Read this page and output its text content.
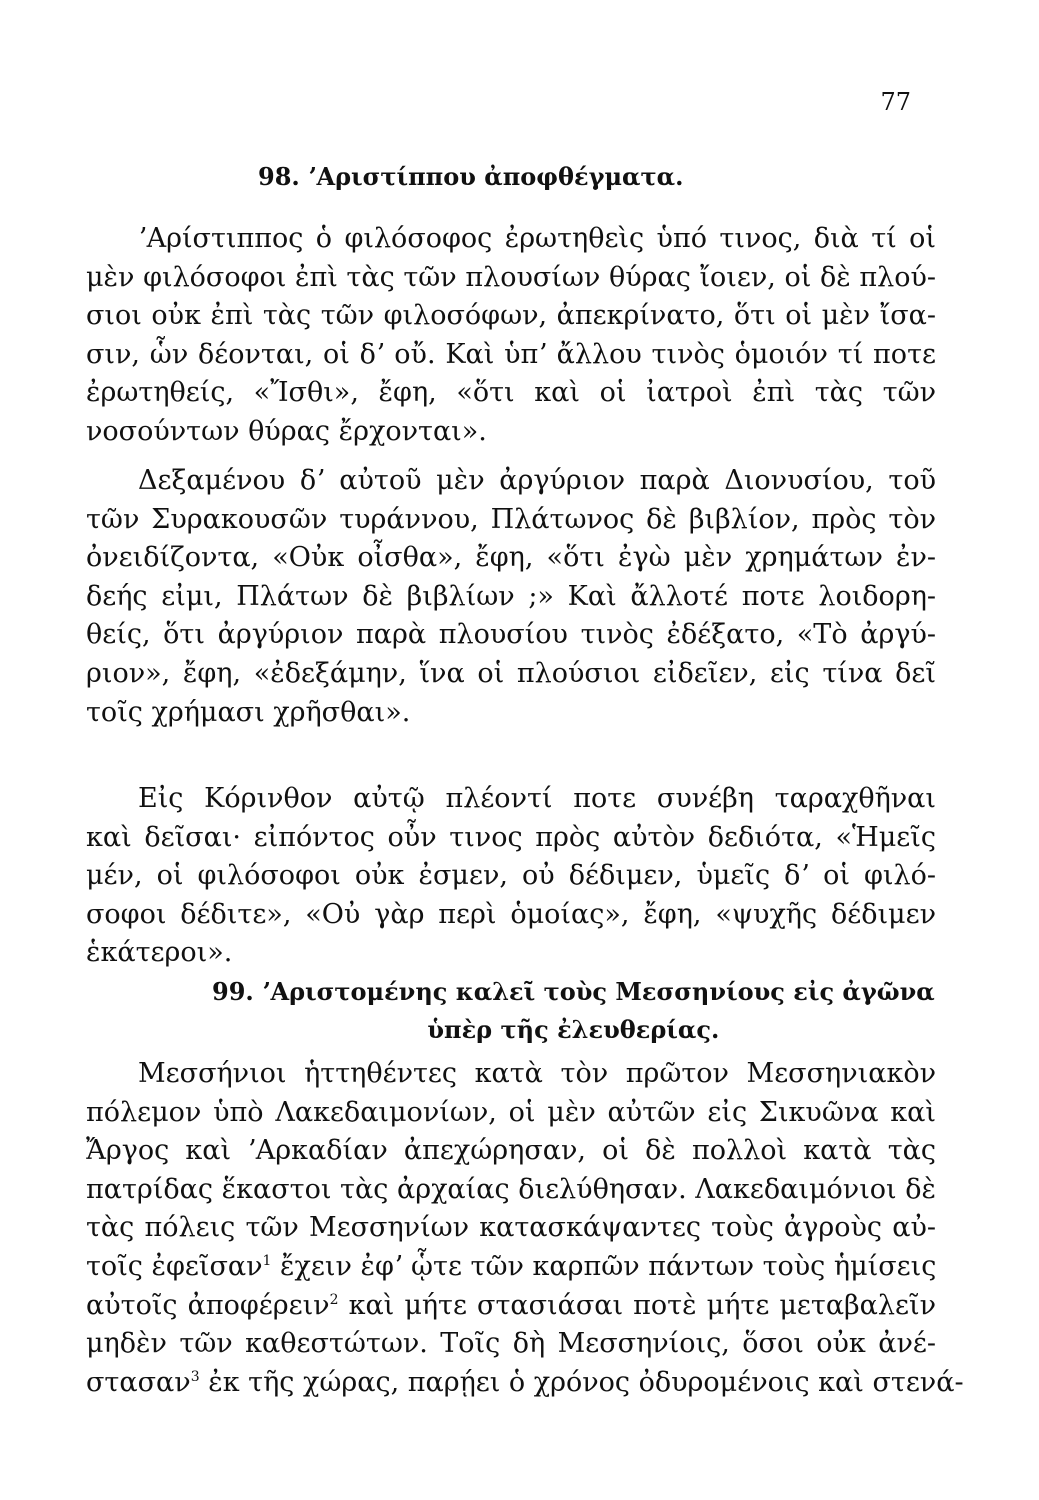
77
98. ʼΑριστίππου ἀποφθέγματα.
ʼΑρίστιππος ὁ φιλόσοφος ἐρωτηθεὶς ὑπό τινος, διὰ τί οἱ
μὲν φιλόσοφοι ἐπὶ τὰς τῶν πλουσίων θύρας ἴοιεν, οἱ δὲ πλού-
σιοι οὐκ ἐπὶ τὰς τῶν φιλοσόφων, ἀπεκρίνατο, ὅτι οἱ μὲν ἴσα-
σιν, ὧν δέονται, οἱ δʼ οὔ. Καὶ ὑπʼ ἄλλου τινὸς ὁμοιόν τί ποτε
ἐρωτηθείς, «Ἴσθι», ἔφη, «ὅτι καὶ οἱ ἰατροὶ ἐπὶ τὰς τῶν
νοσούντων θύρας ἔρχονται».
Δεξαμένου δʼ αὐτοῦ μὲν ἀργύριον παρὰ Διονυσίου, τοῦ
τῶν Συρακουσῶν τυράννου, Πλάτωνος δὲ βιβλίον, πρὸς τὸν
ὀνειδίζοντα, «Οὐκ οἶσθα», ἔφη, «ὅτι ἐγὼ μὲν χρημάτων ἐν-
δεής εἰμι, Πλάτων δὲ βιβλίων ;» Καὶ ἄλλοτέ ποτε λοιδορη-
θείς, ὅτι ἀργύριον παρὰ πλουσίου τινὸς ἐδέξατο, «Τὸ ἀργύ-
ριον», ἔφη, «ἐδεξάμην, ἵνα οἱ πλούσιοι εἰδεῖεν, εἰς τίνα δεῖ
τοῖς χρήμασι χρῆσθαι».
Εἰς Κόρινθον αὐτῷ πλέοντί ποτε συνέβη ταραχθῆναι
καὶ δεῖσαι· εἰπόντος οὖν τινος πρὸς αὐτὸν δεδιότα, «Ἡμεῖς
μέν, οἱ φιλόσοφοι οὐκ ἐσμεν, οὐ δέδιμεν, ὑμεῖς δʼ οἱ φιλό-
σοφοι δέδιτε», «Οὐ γὰρ περὶ ὁμοίας», ἔφη, «ψυχῆς δέδιμεν
ἑκάτεροι».
99. ʼΑριστομένης καλεῖ τοὺς Μεσσηνίους εἰς ἀγῶνα
ὑπὲρ τῆς ἐλευθερίας.
Μεσσήνιοι ἡττηθέντες κατὰ τὸν πρῶτον Μεσσηνιακὸν
πόλεμον ὑπὸ Λακεδαιμονίων, οἱ μὲν αὐτῶν εἰς Σικυῶνα καὶ
Ἄργος καὶ ʼΑρκαδίαν ἀπεχώρησαν, οἱ δὲ πολλοὶ κατὰ τὰς
πατρίδας ἕκαστοι τὰς ἀρχαίας διελύθησαν. Λακεδαιμόνιοι δὲ
τὰς πόλεις τῶν Μεσσηνίων κατασκάψαντες τοὺς ἀγροὺς αὐ-
τοῖς ἐφεῖσαν$^1$ ἔχειν ἐφʼ ᾧτε τῶν καρπῶν πάντων τοὺς ἡμίσεις
αὐτοῖς ἀποφέρειν$^2$ καὶ μήτε στασιάσαι ποτὲ μήτε μεταβαλεῖν
μηδὲν τῶν καθεστώτων. Τοῖς δὴ Μεσσηνίοις, ὅσοι οὐκ ἀνέ-
στασαν$^3$ ἐκ τῆς χώρας, παρῄει ὁ χρόνος ὀδυρομένοις καὶ στενά-
